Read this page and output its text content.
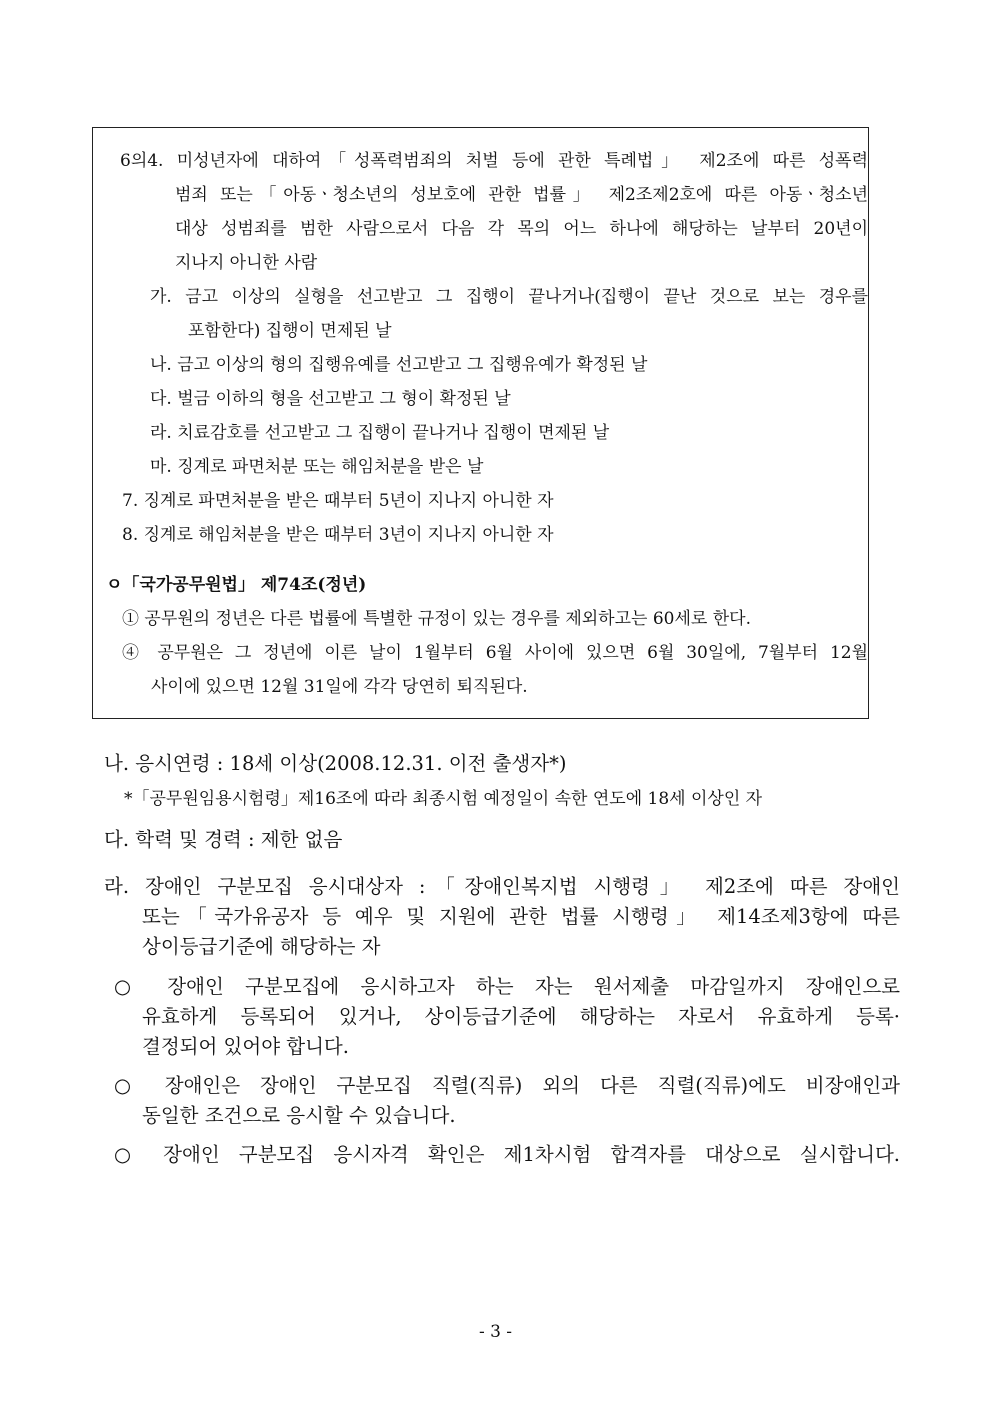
6의4. 미성년자에 대하여「성폭력범죄의 처벌 등에 관한 특례법」 제2조에 따른 성폭력
범죄 또는「아동ㆍ청소년의 성보호에 관한 법률」 제2조제2호에 따른 아동ㆍ청소년
대상 성범죄를 범한 사람으로서 다음 각 목의 어느 하나에 해당하는 날부터 20년이
지나지 아니한 사람
가. 금고 이상의 실형을 선고받고 그 집행이 끝나거나(집행이 끝난 것으로 보는 경우를
포함한다) 집행이 면제된 날
나. 금고 이상의 형의 집행유예를 선고받고 그 집행유예가 확정된 날
다. 벌금 이하의 형을 선고받고 그 형이 확정된 날
라. 치료감호를 선고받고 그 집행이 끝나거나 집행이 면제된 날
마. 징계로 파면처분 또는 해임처분을 받은 날
7. 징계로 파면처분을 받은 때부터 5년이 지나지 아니한 자
8. 징계로 해임처분을 받은 때부터 3년이 지나지 아니한 자
ㅇ「국가공무원법」 제74조(정년)
① 공무원의 정년은 다른 법률에 특별한 규정이 있는 경우를 제외하고는 60세로 한다.
④ 공무원은 그 정년에 이른 날이 1월부터 6월 사이에 있으면 6월 30일에, 7월부터 12월
사이에 있으면 12월 31일에 각각 당연히 퇴직된다.
나. 응시연령 : 18세 이상(2008.12.31. 이전 출생자*)
*「공무원임용시험령」제16조에 따라 최종시험 예정일이 속한 연도에 18세 이상인 자
다. 학력 및 경력 : 제한 없음
라. 장애인 구분모집 응시대상자 :「장애인복지법 시행령」 제2조에 따른 장애인
또는「국가유공자 등 예우 및 지원에 관한 법률 시행령」 제14조제3항에 따른
상이등급기준에 해당하는 자
○ 장애인 구분모집에 응시하고자 하는 자는 원서제출 마감일까지 장애인으로
유효하게 등록되어 있거나, 상이등급기준에 해당하는 자로서 유효하게 등록·
결정되어 있어야 합니다.
○ 장애인은 장애인 구분모집 직렬(직류) 외의 다른 직렬(직류)에도 비장애인과
동일한 조건으로 응시할 수 있습니다.
○ 장애인 구분모집 응시자격 확인은 제1차시험 합격자를 대상으로 실시합니다.
- 3 -
